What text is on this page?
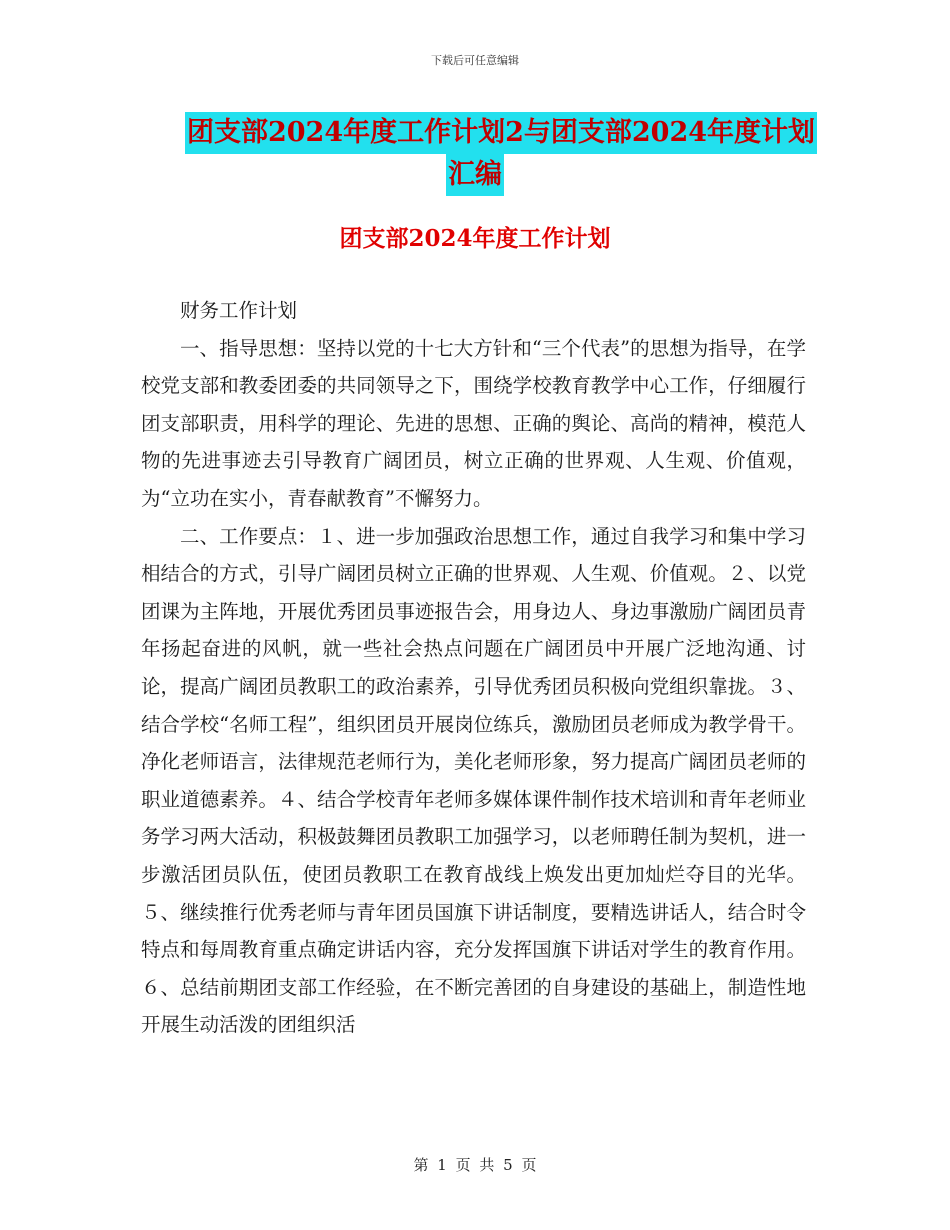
下载后可任意编辑
团支部2024年度工作计划2与团支部2024年度计划
汇编
团支部2024年度工作计划

财务工作计划

一、指导思想：坚持以党的十七大方针和“三个代表”的思想为指导，在学校党支部和教委团委的共同领导之下，围绕学校教育教学中心工作，仔细履行团支部职责，用科学的理论、先进的思想、正确的舆论、高尚的精神，模范人物的先进事迹去引导教育广阔团员，树立正确的世界观、人生观、价值观，为“立功在实小，青春献教育”不懈努力。

二、工作要点：１、进一步加强政治思想工作，通过自我学习和集中学习相结合的方式，引导广阔团员树立正确的世界观、人生观、价值观。２、以党团课为主阵地，开展优秀团员事迹报告会，用身边人、身边事激励广阔团员青年扬起奋进的风帆，就一些社会热点问题在广阔团员中开展广泛地沟通、讨论，提高广阔团员教职工的政治素养，引导优秀团员积极向党组织靠拢。３、结合学校“名师工程”，组织团员开展岗位练兵，激励团员老师成为教学骨干。净化老师语言，法律规范老师行为，美化老师形象，努力提高广阔团员老师的职业道德素养。４、结合学校青年老师多媒体课件制作技术培训和青年老师业务学习两大活动，积极鼓舞团员教职工加强学习，以老师聘任制为契机，进一步激活团员队伍，使团员教职工在教育战线上焕发出更加灿烂夺目的光华。５、继续推行优秀老师与青年团员国旗下讲话制度，要精选讲话人，结合时令特点和每周教育重点确定讲话内容，充分发挥国旗下讲话对学生的教育作用。６、总结前期团支部工作经验，在不断完善团的自身建设的基础上，制造性地开展生动活泼的团组织活

第 1 页 共 5 页
